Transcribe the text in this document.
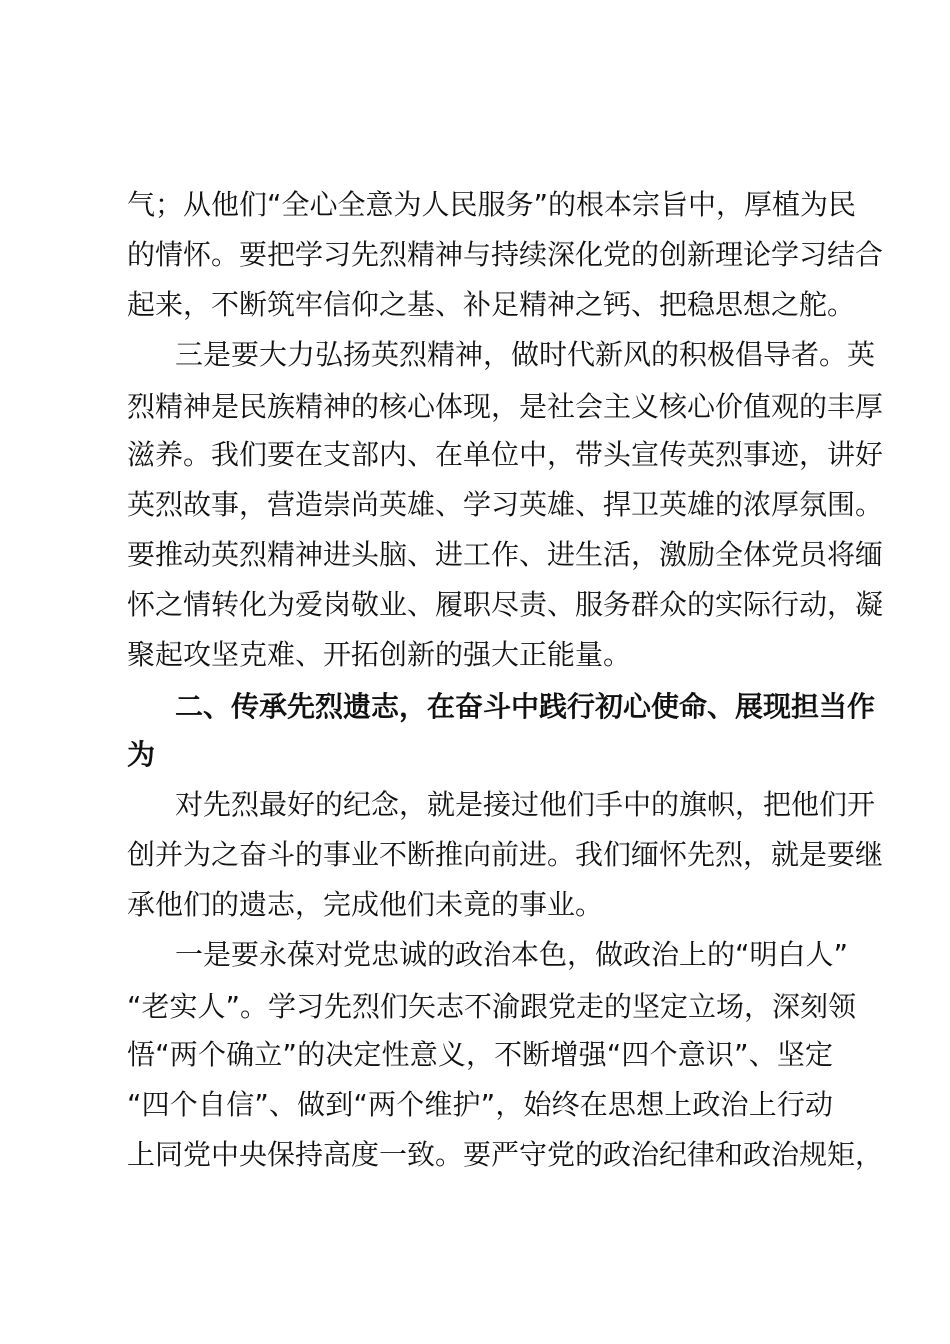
气；从他们“全心全意为人民服务”的根本宗旨中，厚植为民
的情怀。要把学习先烈精神与持续深化党的创新理论学习结合
起来，不断筑牢信仰之基、补足精神之钙、把稳思想之舵。
三是要大力弘扬英烈精神，做时代新风的积极倡导者。英
烈精神是民族精神的核心体现，是社会主义核心价值观的丰厚
滋养。我们要在支部内、在单位中，带头宣传英烈事迹，讲好
英烈故事，营造崇尚英雄、学习英雄、捍卫英雄的浓厚氛围。
要推动英烈精神进头脑、进工作、进生活，激励全体党员将缅
怀之情转化为爱岗敬业、履职尽责、服务群众的实际行动，凝
聚起攻坚克难、开拓创新的强大正能量。
二、传承先烈遗志，在奋斗中践行初心使命、展现担当作
为
对先烈最好的纪念，就是接过他们手中的旗帜，把他们开
创并为之奋斗的事业不断推向前进。我们缅怀先烈，就是要继
承他们的遗志，完成他们未竟的事业。
一是要永葆对党忠诚的政治本色，做政治上的“明白人”
“老实人”。学习先烈们矢志不渝跟党走的坚定立场，深刻领
悟“两个确立”的决定性意义，不断增强“四个意识”、坚定
“四个自信”、做到“两个维护”，始终在思想上政治上行动
上同党中央保持高度一致。要严守党的政治纪律和政治规矩，
